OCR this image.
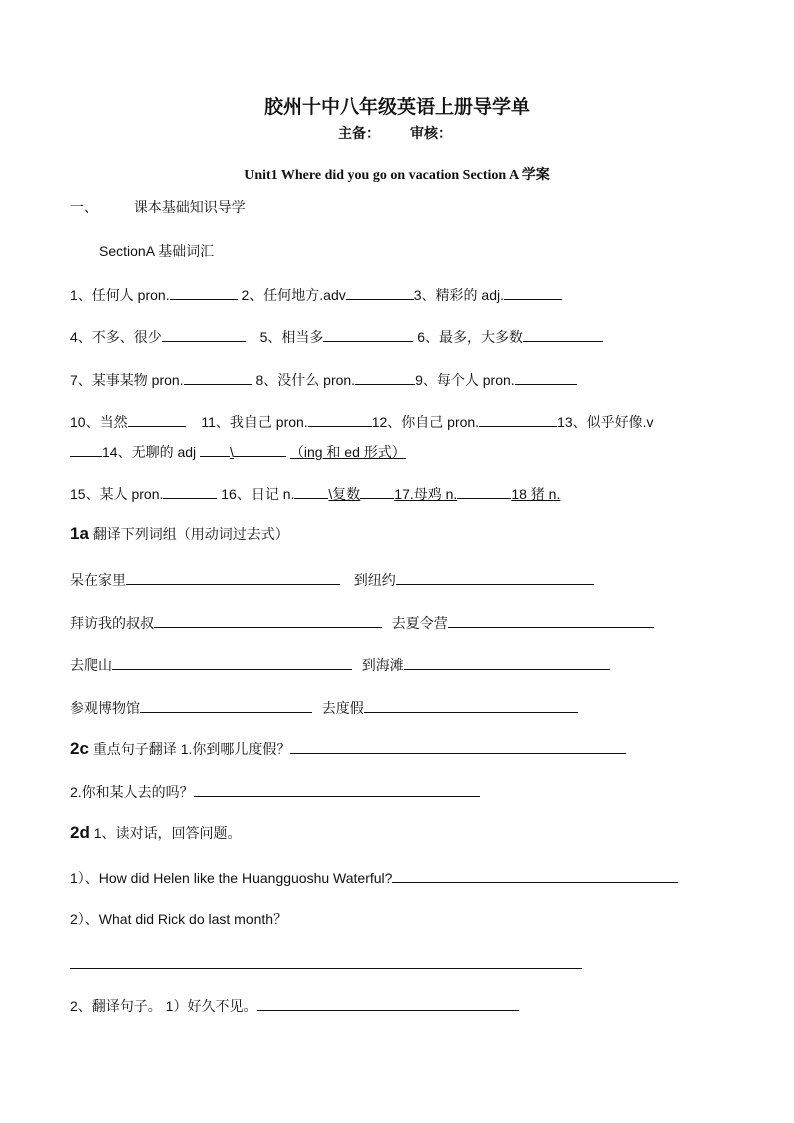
胶州十中八年级英语上册导学单
主备： 审核：
Unit1 Where did you go on vacation Section A 学案
一、	课本基础知识导学
SectionA 基础词汇
1、任何人 pron.	2、任何地方.adv	3、精彩的 adj.
4、不多、很少	5、相当多	6、最多，大多数
7、某事某物 pron.	8、没什么 pron.	9、每个人 pron.
10、当然	11、我自己 pron.	12、你自己 pron.	13、似乎好像.v
14、无聊的 adj \	（ing 和 ed 形式）
15、某人 pron.	16、日记 n. \复数 17.母鸡 n.	18 猪 n.
1a 翻译下列词组（用动词过去式）
呆在家里	到纽约
拜访我的叔叔	去夏令营
去爬山	到海滩
参观博物馆	去度假
2c 重点句子翻译 1.你到哪儿度假？
2.你和某人去的吗？
2d 1、读对话，回答问题。
1）、How did Helen like the Huangguoshu Waterful?
2）、What did Rick do last month？
2、翻译句子。 1）好久不见。
